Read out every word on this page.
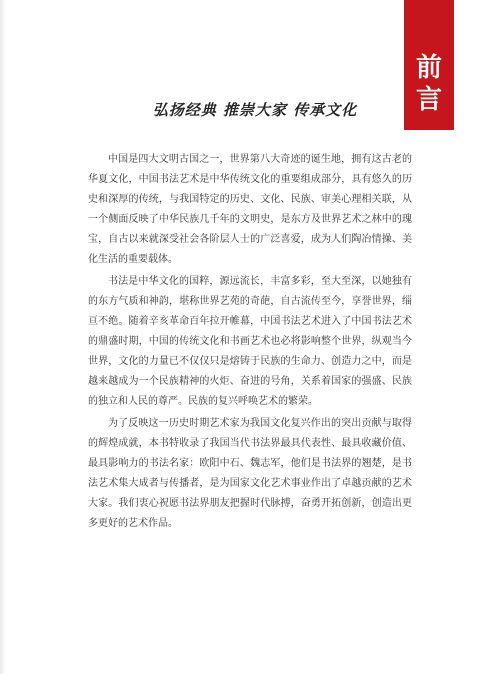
前
言
弘扬经典 推崇大家 传承文化

中国是四大文明古国之一，世界第八大奇迹的诞生地，拥有这古老的华夏文化，中国书法艺术是中华传统文化的重要组成部分，具有悠久的历史和深厚的传统，与我国特定的历史、文化、民族、审美心理相关联，从一个侧面反映了中华民族几千年的文明史，是东方及世界艺术之林中的瑰宝，自古以来就深受社会各阶层人士的广泛喜爱，成为人们陶冶情操、美化生活的重要载体。

书法是中华文化的国粹，源远流长，丰富多彩，至大至深，以她独有的东方气质和神韵，堪称世界艺苑的奇葩，自古流传至今，享誉世界，缁亘不绝。随着辛亥革命百年拉开帷幕，中国书法艺术进入了中国书法艺术的鼎盛时期，中国的传统文化和书画艺术也必将影响整个世界，纵观当今世界，文化的力量已不仅仅只是熔铸于民族的生命力、创造力之中，而是越来越成为一个民族精神的火炬、奋进的号角，关系着国家的强盛、民族的独立和人民的尊严。民族的复兴呼唤艺术的繁荣。

为了反映这一历史时期艺术家为我国文化复兴作出的突出贡献与取得的辉煌成就，本书特收录了我国当代书法界最具代表性、最具收藏价值、最具影响力的书法名家：欧阳中石、魏志军，他们是书法界的翘楚，是书法艺术集大成者与传播者，是为国家文化艺术事业作出了卓越贡献的艺术大家。我们衷心祝愿书法界朋友把握时代脉搏，奋勇开拓创新，创造出更多更好的艺术作品。
